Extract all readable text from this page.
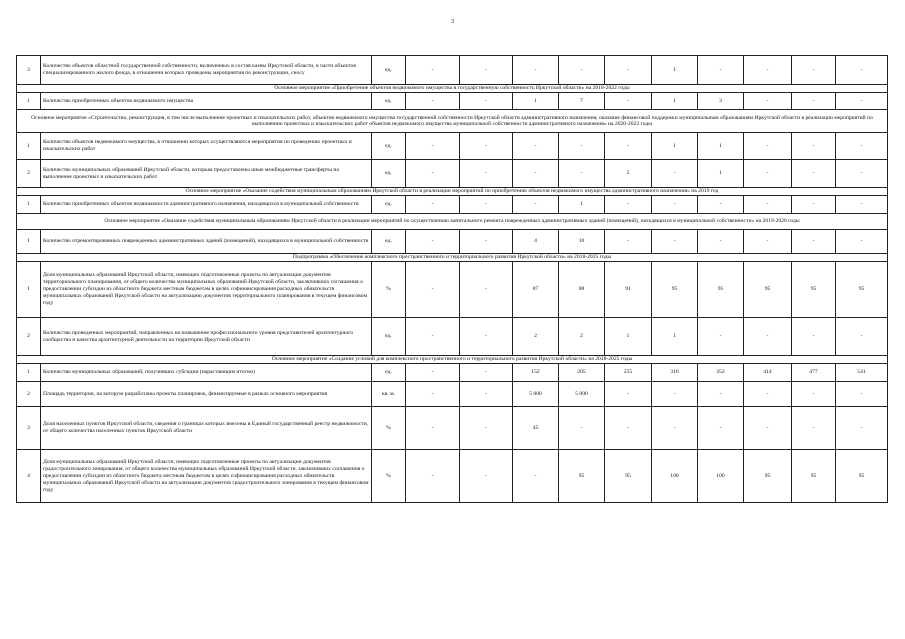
3
3	Количество объектов областной государственной собственности, включенных в состав казны Иркутской области, в части объектов специализированного жилого фонда, в отношении которых проведены мероприятия по реконструкции, сносу	ед.	-	-	-	-	-	1	-	-	-	-
Основное мероприятие «Приобретение объектов недвижимого имущества в государственную собственность Иркутской области» на 2018-2022 годы												
1	Количество приобретенных объектов недвижимого имущества	ед.	-	-	1	7	-	1	3	-	-	-
Основное мероприятие «Строительство, реконструкция, в том числе выполнение проектных и изыскательских работ, объектов недвижимого имущества государственной собственности Иркутской области административного назначения, оказание финансовой поддержки муниципальным образованиям Иркутской области в реализации мероприятий по выполнению проектных и изыскательских работ объектов недвижимого имущества муниципальной собственности административного назначения» на 2020-2022 годы												
1	Количество объектов недвижимого имущества, в отношении которых осуществляются мероприятия по проведению проектных и изыскательских работ	ед.	-	-	-	-	-	1	1	-	-	-
2	Количество муниципальных образований Иркутской области, которым предоставлены иные межбюджетные трансферты на выполнение проектных и изыскательских работ	ед.	-	-	-	-	2	-	1	-	-	-
Основное мероприятие «Оказание содействия муниципальным образованиям Иркутской области в реализации мероприятий по приобретению объектов недвижимого имущества административного назначения» на 2019 год												
1	Количество приобретенных объектов недвижимости административного назначения, находящихся в муниципальной собственности	ед.	-	-	-	1	-	-	-	-	-	-
Основное мероприятие «Оказание содействия муниципальным образованиям Иркутской области в реализации мероприятий по осуществлению капитального ремонта поврежденных административных зданий (помещений), находящихся в муниципальной собственности» на 2019-2020 годы												
1	Количество отремонтированных поврежденных административных зданий (помещений), находящихся в муниципальной собственности	ед.	-	-	4	16	-	-	-	-	-	-
Подпрограмма «Обеспечение комплексного пространственного и территориального развития Иркутской области» на 2018-2025 годы												
1	Доля муниципальных образований Иркутской области, имеющих подготовленные проекты по актуализации документов территориального планирования, от общего количества муниципальных образований Иркутской области, заключивших соглашения о предоставлении субсидии из областного бюджета местным бюджетам в целях софинансирования расходных обязательств муниципальных образований Иркутской области на актуализацию документов территориального планирования в текущем финансовом году	%	-	-	87	88	91	95	95	95	95	95
2	Количество проведенных мероприятий, направленных на повышение профессионального уровня представителей архитектурного сообщества и качества архитектурной деятельности на территории Иркутской области	ед.	-	-	2	2	1	1	-	-	-	-
Основное мероприятие «Создание условий для комплексного пространственного и территориального развития Иркутской области» на 2018-2025 годы												
1	Количество муниципальных образований, получивших субсидии (нарастающим итогом)	ед.	-	-	152	205	255	316	352	414	477	541
2	Площадь территории, на которую разработаны проекты планировок, финансируемые в рамках основного мероприятия	кв. м.	-	-	5 000	5 000	-	-	-	-	-	-
3	Доля населенных пунктов Иркутской области, сведения о границах которых внесены в Единый государственный реестр недвижимости, от общего количества населенных пунктов Иркутской области	%	-	-	45	-	-	-	-	-	-	-
4	Доля муниципальных образований Иркутской области, имеющих подготовленные проекты по актуализации документов градостроительного зонирования, от общего количества муниципальных образований Иркутской области, заключивших соглашения о предоставлении субсидии из областного бюджета местным бюджетам в целях софинансирования расходных обязательств муниципальных образований Иркутской области на актуализацию документов градостроительного зонирования в текущем финансовом году	%	-	-	-	95	95	100	100	95	95	95
